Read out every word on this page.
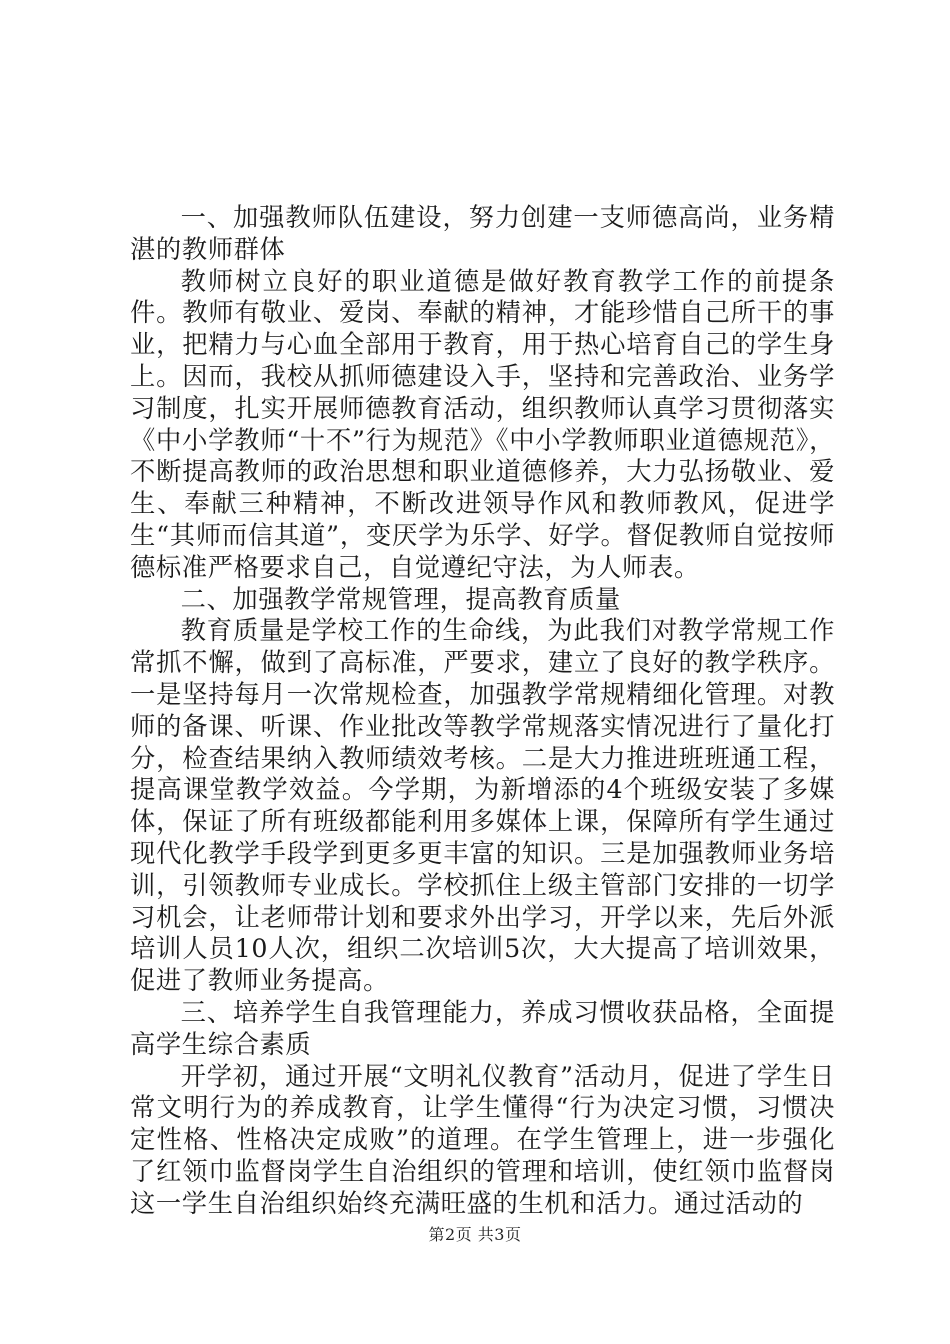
一、加强教师队伍建设，努力创建一支师德高尚，业务精湛的教师群体

教师树立良好的职业道德是做好教育教学工作的前提条件。教师有敬业、爱岗、奉献的精神，才能珍惜自己所干的事业，把精力与心血全部用于教育，用于热心培育自己的学生身上。因而，我校从抓师德建设入手，坚持和完善政治、业务学习制度，扎实开展师德教育活动，组织教师认真学习贯彻落实《中小学教师“十不”行为规范》《中小学教师职业道德规范》，不断提高教师的政治思想和职业道德修养，大力弘扬敬业、爱生、奉献三种精神，不断改进领导作风和教师教风，促进学生“其师而信其道”，变厌学为乐学、好学。督促教师自觉按师德标准严格要求自己，自觉遵纪守法，为人师表。

二、加强教学常规管理，提高教育质量

教育质量是学校工作的生命线，为此我们对教学常规工作常抓不懈，做到了高标准，严要求，建立了良好的教学秩序。一是坚持每月一次常规检查，加强教学常规精细化管理。对教师的备课、听课、作业批改等教学常规落实情况进行了量化打分，检查结果纳入教师绩效考核。二是大力推进班班通工程，提高课堂教学效益。今学期，为新增添的4个班级安装了多媒体，保证了所有班级都能利用多媒体上课，保障所有学生通过现代化教学手段学到更多更丰富的知识。三是加强教师业务培训，引领教师专业成长。学校抓住上级主管部门安排的一切学习机会，让老师带计划和要求外出学习，开学以来，先后外派培训人员10人次，组织二次培训5次，大大提高了培训效果，促进了教师业务提高。

三、培养学生自我管理能力，养成习惯收获品格，全面提高学生综合素质

开学初，通过开展“文明礼仪教育”活动月，促进了学生日常文明行为的养成教育，让学生懂得“行为决定习惯，习惯决定性格、性格决定成败”的道理。在学生管理上，进一步强化了红领巾监督岗学生自治组织的管理和培训，使红领巾监督岗这一学生自治组织始终充满旺盛的生机和活力。通过活动的

第2页 共3页
